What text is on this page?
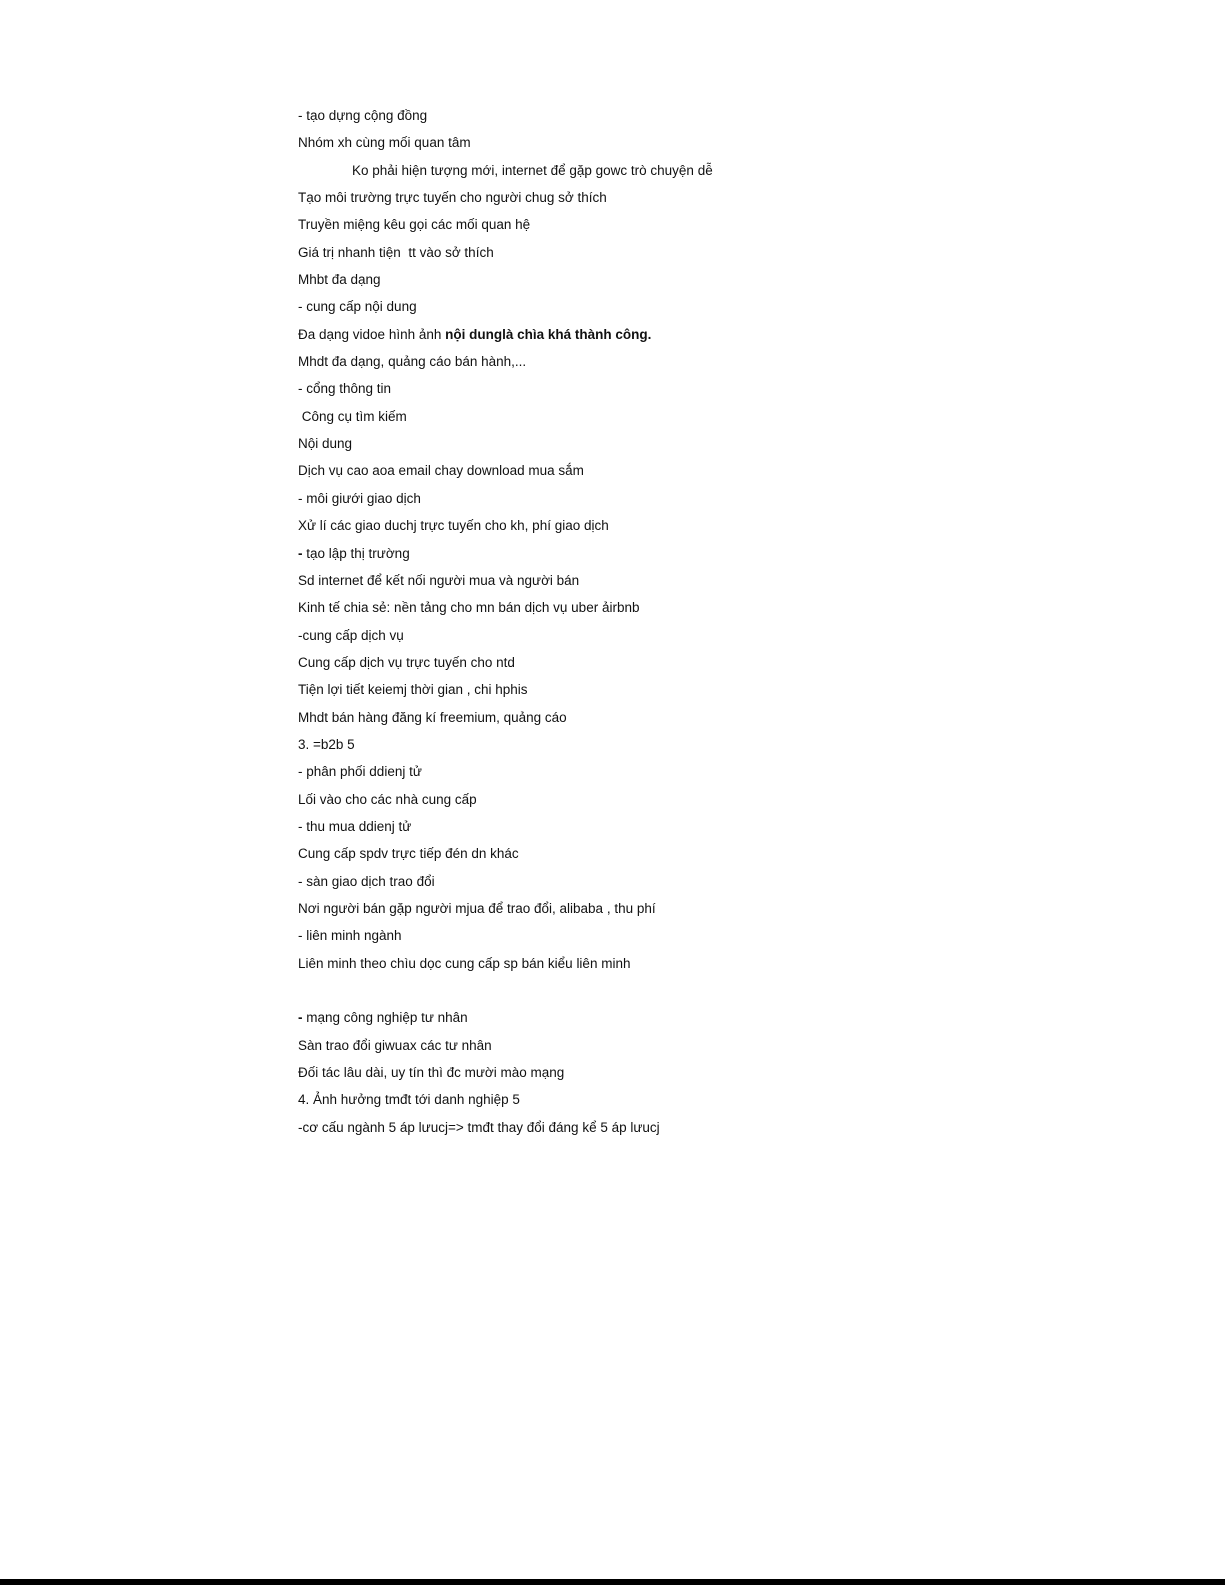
- tạo dựng cộng đồng
Nhóm xh cùng mối quan tâm
Ko phải hiện tượng mới, internet để gặp gowc trò chuyện dễ
Tạo môi trường trực tuyến cho người chug sở thích
Truyền miệng kêu gọi các mối quan hệ
Giá trị nhanh tiện  tt vào sở thích
Mhbt đa dạng
- cung cấp nội dung
Đa dạng vidoe hình ảnh nội dunglà chìa khá thành công.
Mhdt đa dạng, quảng cáo bán hành,...
- cổng thông tin
Công cụ tìm kiếm
Nội dung
Dịch vụ cao aoa email chay download mua sắm
- môi giưới giao dịch
Xử lí các giao duchj trực tuyến cho kh, phí giao dịch
- tạo lập thị trường
Sd internet để kết nối người mua và người bán
Kinh tế chia sẻ: nền tảng cho mn bán dịch vụ uber ảirbnb
-cung cấp dịch vụ
Cung cấp dịch vụ trực tuyến cho ntd
Tiện lợi tiết keiemj thời gian , chi hphis
Mhdt bán hàng đăng kí freemium, quảng cáo
3. =b2b 5
- phân phối ddienj tử
Lối vào cho các nhà cung cấp
- thu mua ddienj tử
Cung cấp spdv trực tiếp đén dn khác
- sàn giao dịch trao đổi
Nơi người bán gặp người mjua để trao đổi, alibaba , thu phí
- liên minh ngành
Liên minh theo chìu dọc cung cấp sp bán kiểu liên minh
- mạng công nghiệp tư nhân
Sàn trao đổi giwuax các tư nhân
Đối tác lâu dài, uy tín thì đc mười mào mạng
4. Ảnh hưởng tmđt tới danh nghiệp 5
-cơ cấu ngành 5 áp lưucj=> tmđt thay đổi đáng kể 5 áp lưucj
